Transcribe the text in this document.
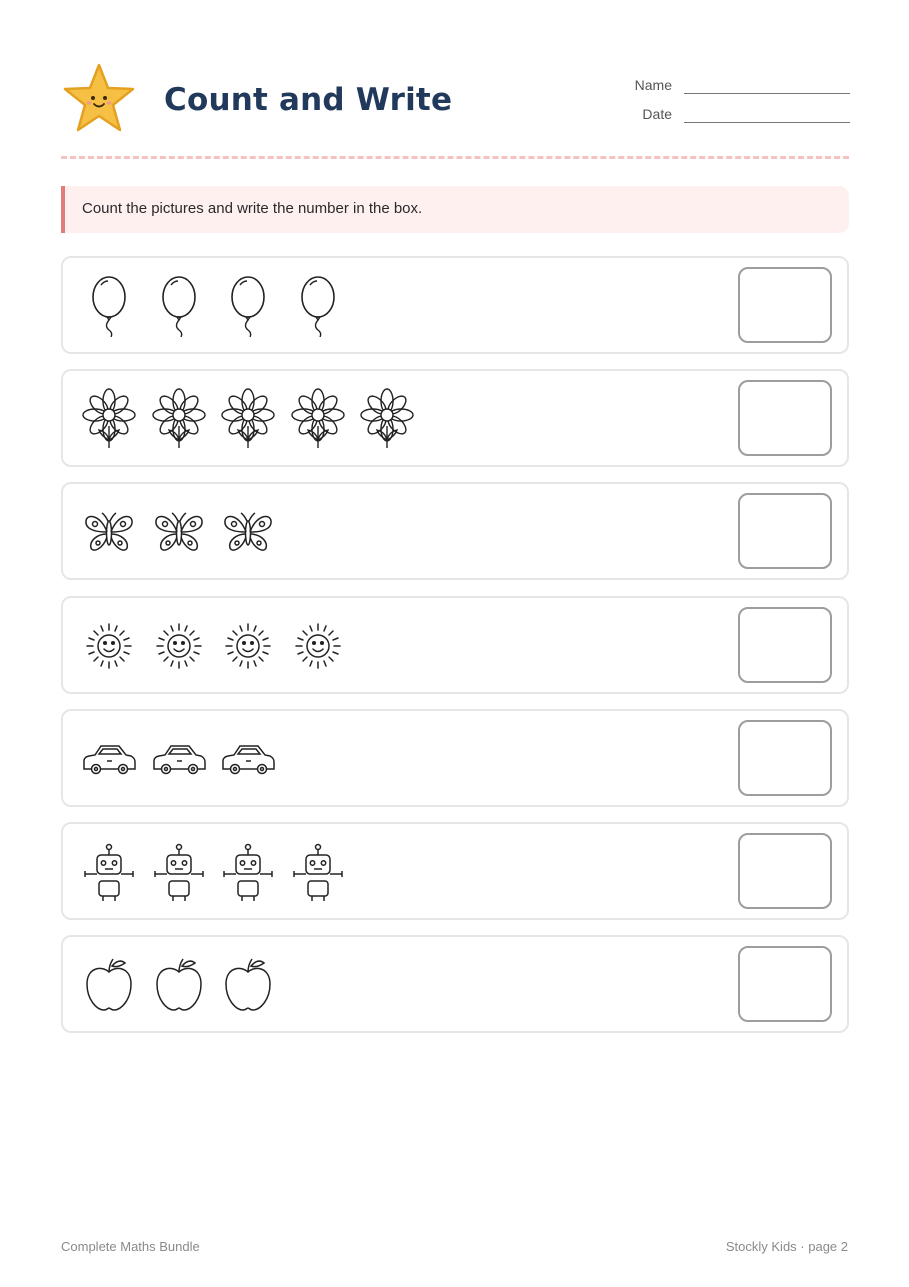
Count and Write	Name
Date
Count the pictures and write the number in the box.
Complete Maths Bundle	Stockly Kids · page 2
